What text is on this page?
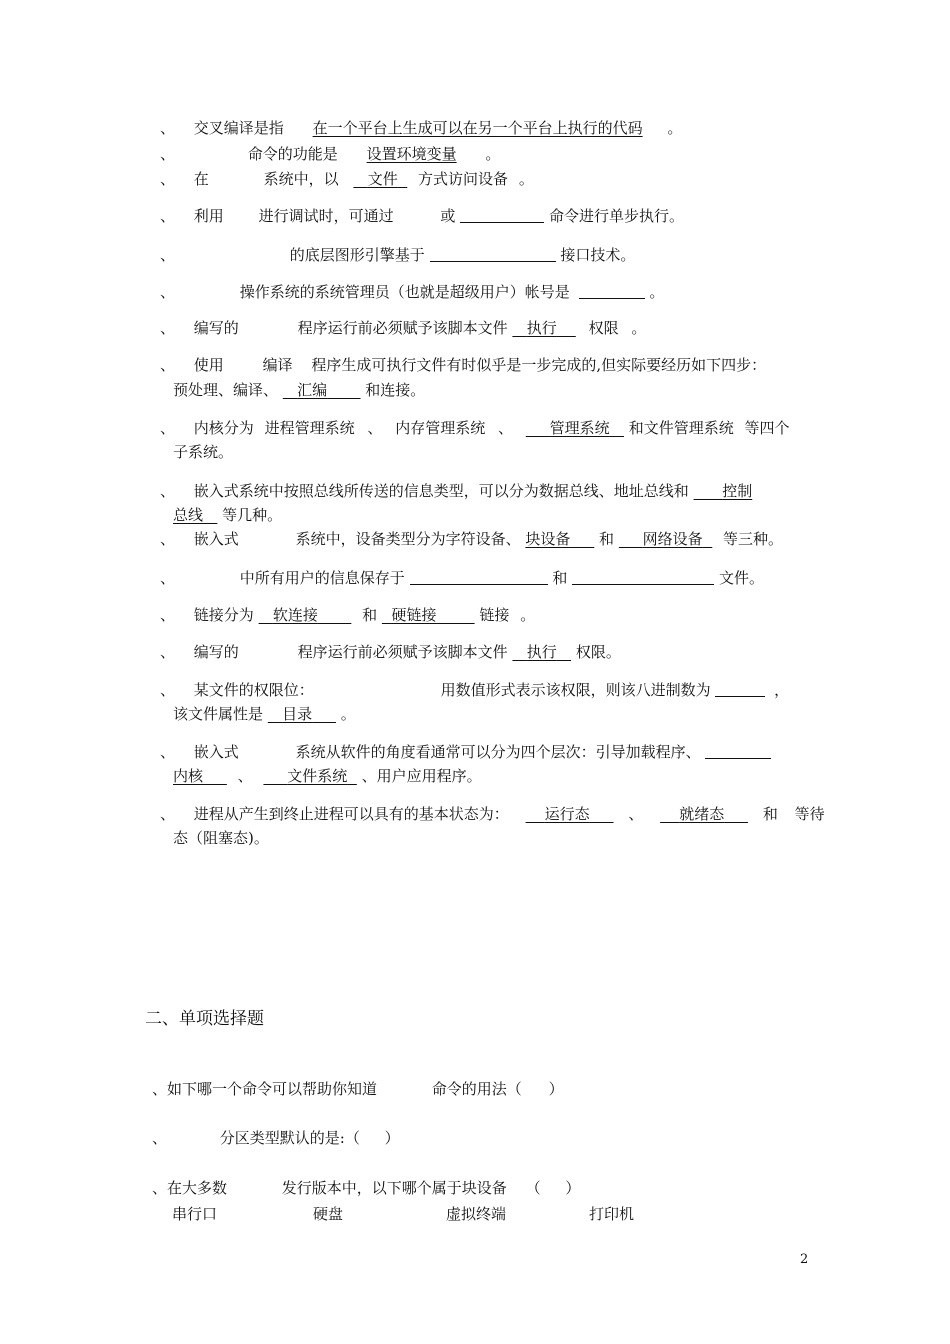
、 交叉编译是指 在一个平台上生成可以在另一个平台上执行的代码 。
、	命令的功能是 设置环境变量 。
、 在	系统中，以 文件 方式访问设备 。
、 利用 进行调试时，可通过	或	命令进行单步执行。
、	的底层图形引擎基于	接口技术。
、	操作系统的系统管理员（也就是超级用户）帐号是	。
、 编写的	程序运行前必须赋予该脚本文件 执行 权限 。
、 使用	编译 程序生成可执行文件有时似乎是一步完成的,但实际要经历如下四步：
预处理、编译、 汇编	和连接。
、 内核分为 进程管理系统 、 内存管理系统 、 管理系统 和文件管理系统 等四个
子系统。
、 嵌入式系统中按照总线所传送的信息类型，可以分为数据总线、地址总线和 控制
总线 等几种。
、 嵌入式	系统中，设备类型分为字符设备、 块设备 和 网络设备 等三种。
、	中所有用户的信息保存于	和	文件。
、 链接分为 软连接	和 硬链接	链接 。
、 编写的	程序运行前必须赋予该脚本文件 执行 权限。
、 某文件的权限位：	用数值形式表示该权限，则该八进制数为	，
该文件属性是 目录 。
、 嵌入式	系统从软件的角度看通常可以分为四个层次：引导加载程序、
内核 、 文件系统 、用户应用程序。
、 进程从产生到终止进程可以具有的基本状态为： 运行态	、 就绪态	和 等待
态（阻塞态)。
二、单项选择题
、如下哪一个命令可以帮助你知道	命令的用法（ ）
、	分区类型默认的是:（ ）
、在大多数	发行版本中，以下哪个属于块设备 （ ）
串行口	硬盘	虚拟终端	打印机
2
